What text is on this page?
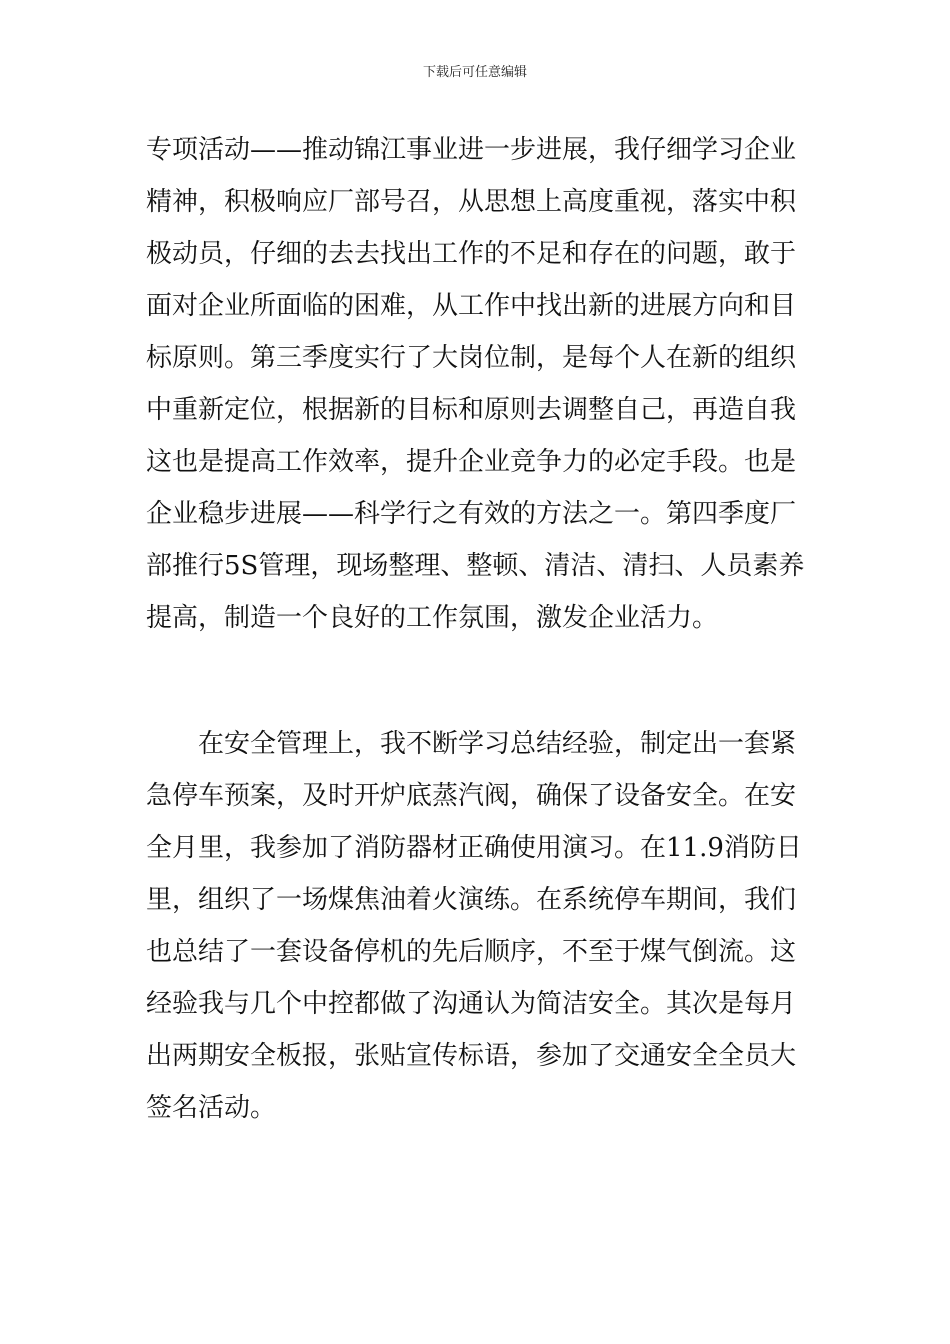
下载后可任意编辑
专项活动——推动锦江事业进一步进展，我仔细学习企业
精神，积极响应厂部号召，从思想上高度重视，落实中积
极动员，仔细的去去找出工作的不足和存在的问题，敢于
面对企业所面临的困难，从工作中找出新的进展方向和目
标原则。第三季度实行了大岗位制，是每个人在新的组织
中重新定位，根据新的目标和原则去调整自己，再造自我
这也是提高工作效率，提升企业竞争力的必定手段。也是
企业稳步进展——科学行之有效的方法之一。第四季度厂
部推行5S管理，现场整理、整顿、清洁、清扫、人员素养
提高，制造一个良好的工作氛围，激发企业活力。
在安全管理上，我不断学习总结经验，制定出一套紧
急停车预案，及时开炉底蒸汽阀，确保了设备安全。在安
全月里，我参加了消防器材正确使用演习。在11.9消防日
里，组织了一场煤焦油着火演练。在系统停车期间，我们
也总结了一套设备停机的先后顺序，不至于煤气倒流。这
经验我与几个中控都做了沟通认为简洁安全。其次是每月
出两期安全板报，张贴宣传标语，参加了交通安全全员大
签名活动。
